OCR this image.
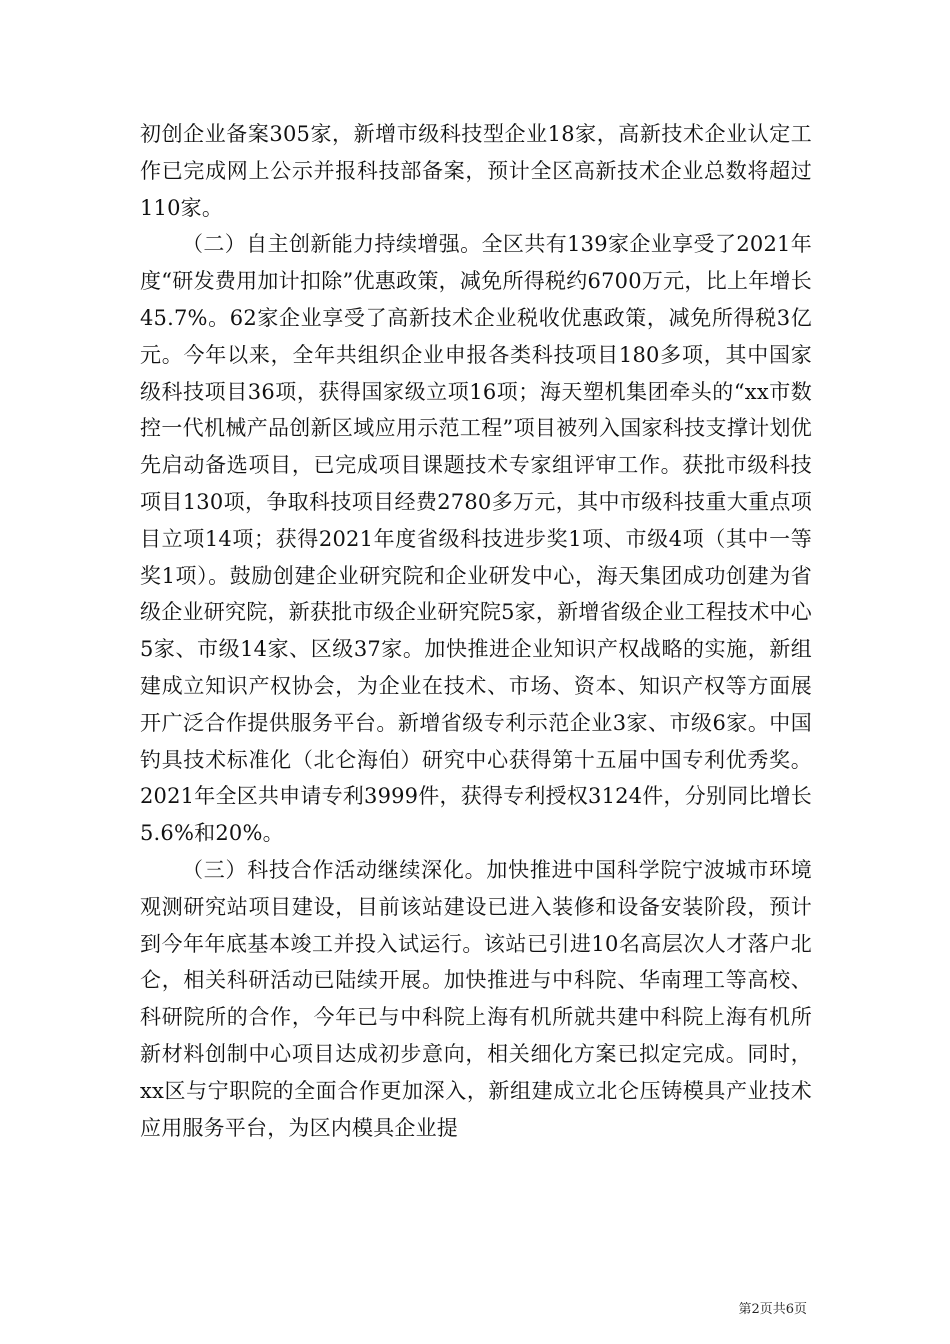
初创企业备案305家，新增市级科技型企业18家，高新技术企业认定工作已完成网上公示并报科技部备案，预计全区高新技术企业总数将超过110家。

（二）自主创新能力持续增强。全区共有139家企业享受了2021年度“研发费用加计扣除”优惠政策，减免所得税约6700万元，比上年增长45.7%。62家企业享受了高新技术企业税收优惠政策，减免所得税3亿元。今年以来，全年共组织企业申报各类科技项目180多项，其中国家级科技项目36项，获得国家级立项16项；海天塑机集团牵头的“xx市数控一代机械产品创新区域应用示范工程”项目被列入国家科技支撑计划优先启动备选项目，已完成项目课题技术专家组评审工作。获批市级科技项目130项，争取科技项目经费2780多万元，其中市级科技重大重点项目立项14项；获得2021年度省级科技进步奖1项、市级4项（其中一等奖1项）。鼓励创建企业研究院和企业研发中心，海天集团成功创建为省级企业研究院，新获批市级企业研究院5家，新增省级企业工程技术中心5家、市级14家、区级37家。加快推进企业知识产权战略的实施，新组建成立知识产权协会，为企业在技术、市场、资本、知识产权等方面展开广泛合作提供服务平台。新增省级专利示范企业3家、市级6家。中国钓具技术标准化（北仑海伯）研究中心获得第十五届中国专利优秀奖。2021年全区共申请专利3999件，获得专利授权3124件，分别同比增长5.6%和20%。

（三）科技合作活动继续深化。加快推进中国科学院宁波城市环境观测研究站项目建设，目前该站建设已进入装修和设备安装阶段，预计到今年年底基本竣工并投入试运行。该站已引进10名高层次人才落户北仑，相关科研活动已陆续开展。加快推进与中科院、华南理工等高校、科研院所的合作，今年已与中科院上海有机所就共建中科院上海有机所新材料创制中心项目达成初步意向，相关细化方案已拟定完成。同时，xx区与宁职院的全面合作更加深入，新组建成立北仑压铸模具产业技术应用服务平台，为区内模具企业提

第2页共6页
